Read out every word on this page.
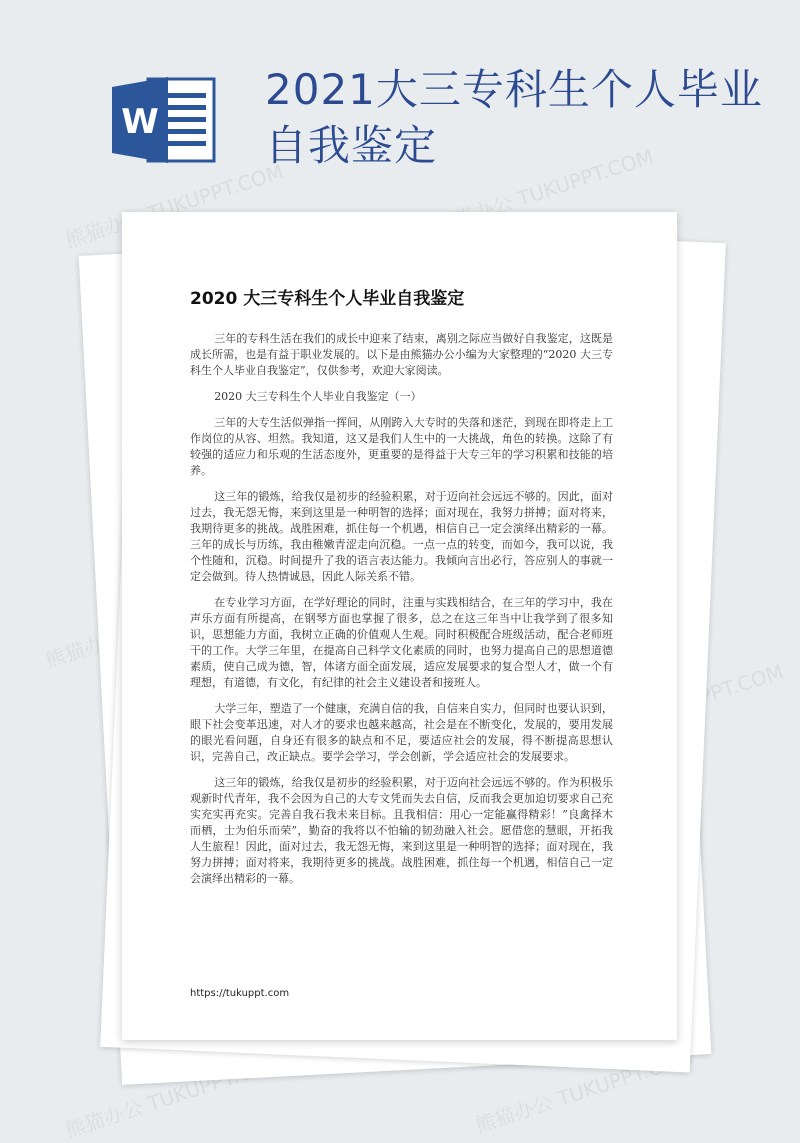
W
2021大三专科生个人毕业自我鉴定
熊猫办公 TUKUPPT.COM	熊猫办公 TUKUPPT.COM
熊猫办公
TUKUPPT.COM
熊猫办公 TUKUPPT.COM	熊猫办公 TUKUPPT.COM
2020 大三专科生个人毕业自我鉴定

三年的专科生活在我们的成长中迎来了结束，离别之际应当做好自我鉴定，这既是成长所需，也是有益于职业发展的。以下是由熊猫办公小编为大家整理的“2020 大三专科生个人毕业自我鉴定”，仅供参考，欢迎大家阅读。

2020 大三专科生个人毕业自我鉴定（一）

三年的大专生活似弹指一挥间，从刚跨入大专时的失落和迷茫，到现在即将走上工作岗位的从容、坦然。我知道，这又是我们人生中的一大挑战，角色的转换。这除了有较强的适应力和乐观的生活态度外，更重要的是得益于大专三年的学习积累和技能的培养。

这三年的锻炼，给我仅是初步的经验积累，对于迈向社会远远不够的。因此，面对过去，我无怨无悔，来到这里是一种明智的选择；面对现在，我努力拼搏；面对将来，我期待更多的挑战。战胜困难，抓住每一个机遇，相信自己一定会演绎出精彩的一幕。三年的成长与历练，我由稚嫩青涩走向沉稳。一点一点的转变，而如今，我可以说，我个性随和，沉稳。时间提升了我的语言表达能力。我倾向言出必行，答应别人的事就一定会做到。待人热情诚恳，因此人际关系不错。

在专业学习方面，在学好理论的同时，注重与实践相结合，在三年的学习中，我在声乐方面有所提高，在钢琴方面也掌握了很多，总之在这三年当中让我学到了很多知识，思想能力方面，我树立正确的价值观人生观。同时积极配合班级活动，配合老师班干的工作。大学三年里，在提高自己科学文化素质的同时，也努力提高自己的思想道德素质，使自己成为德，智，体诸方面全面发展，适应发展要求的复合型人才，做一个有理想，有道德，有文化，有纪律的社会主义建设者和接班人。

大学三年，塑造了一个健康，充满自信的我，自信来自实力，但同时也要认识到，眼下社会变革迅速，对人才的要求也越来越高，社会是在不断变化，发展的，要用发展的眼光看问题，自身还有很多的缺点和不足，要适应社会的发展，得不断提高思想认识，完善自己，改正缺点。要学会学习，学会创新，学会适应社会的发展要求。

这三年的锻炼，给我仅是初步的经验积累，对于迈向社会远远不够的。作为积极乐观新时代青年，我不会因为自己的大专文凭而失去自信，反而我会更加迫切要求自己充实充实再充实。完善自我石我未来目标。且我相信：用心一定能赢得精彩！”良禽择木而栖，士为伯乐而荣”，勤奋的我将以不怕输的韧劲融入社会。愿借您的慧眼，开拓我人生旅程！因此，面对过去，我无怨无悔，来到这里是一种明智的选择；面对现在，我努力拼搏；面对将来，我期待更多的挑战。战胜困难，抓住每一个机遇，相信自己一定会演绎出精彩的一幕。

https://tukuppt.com
